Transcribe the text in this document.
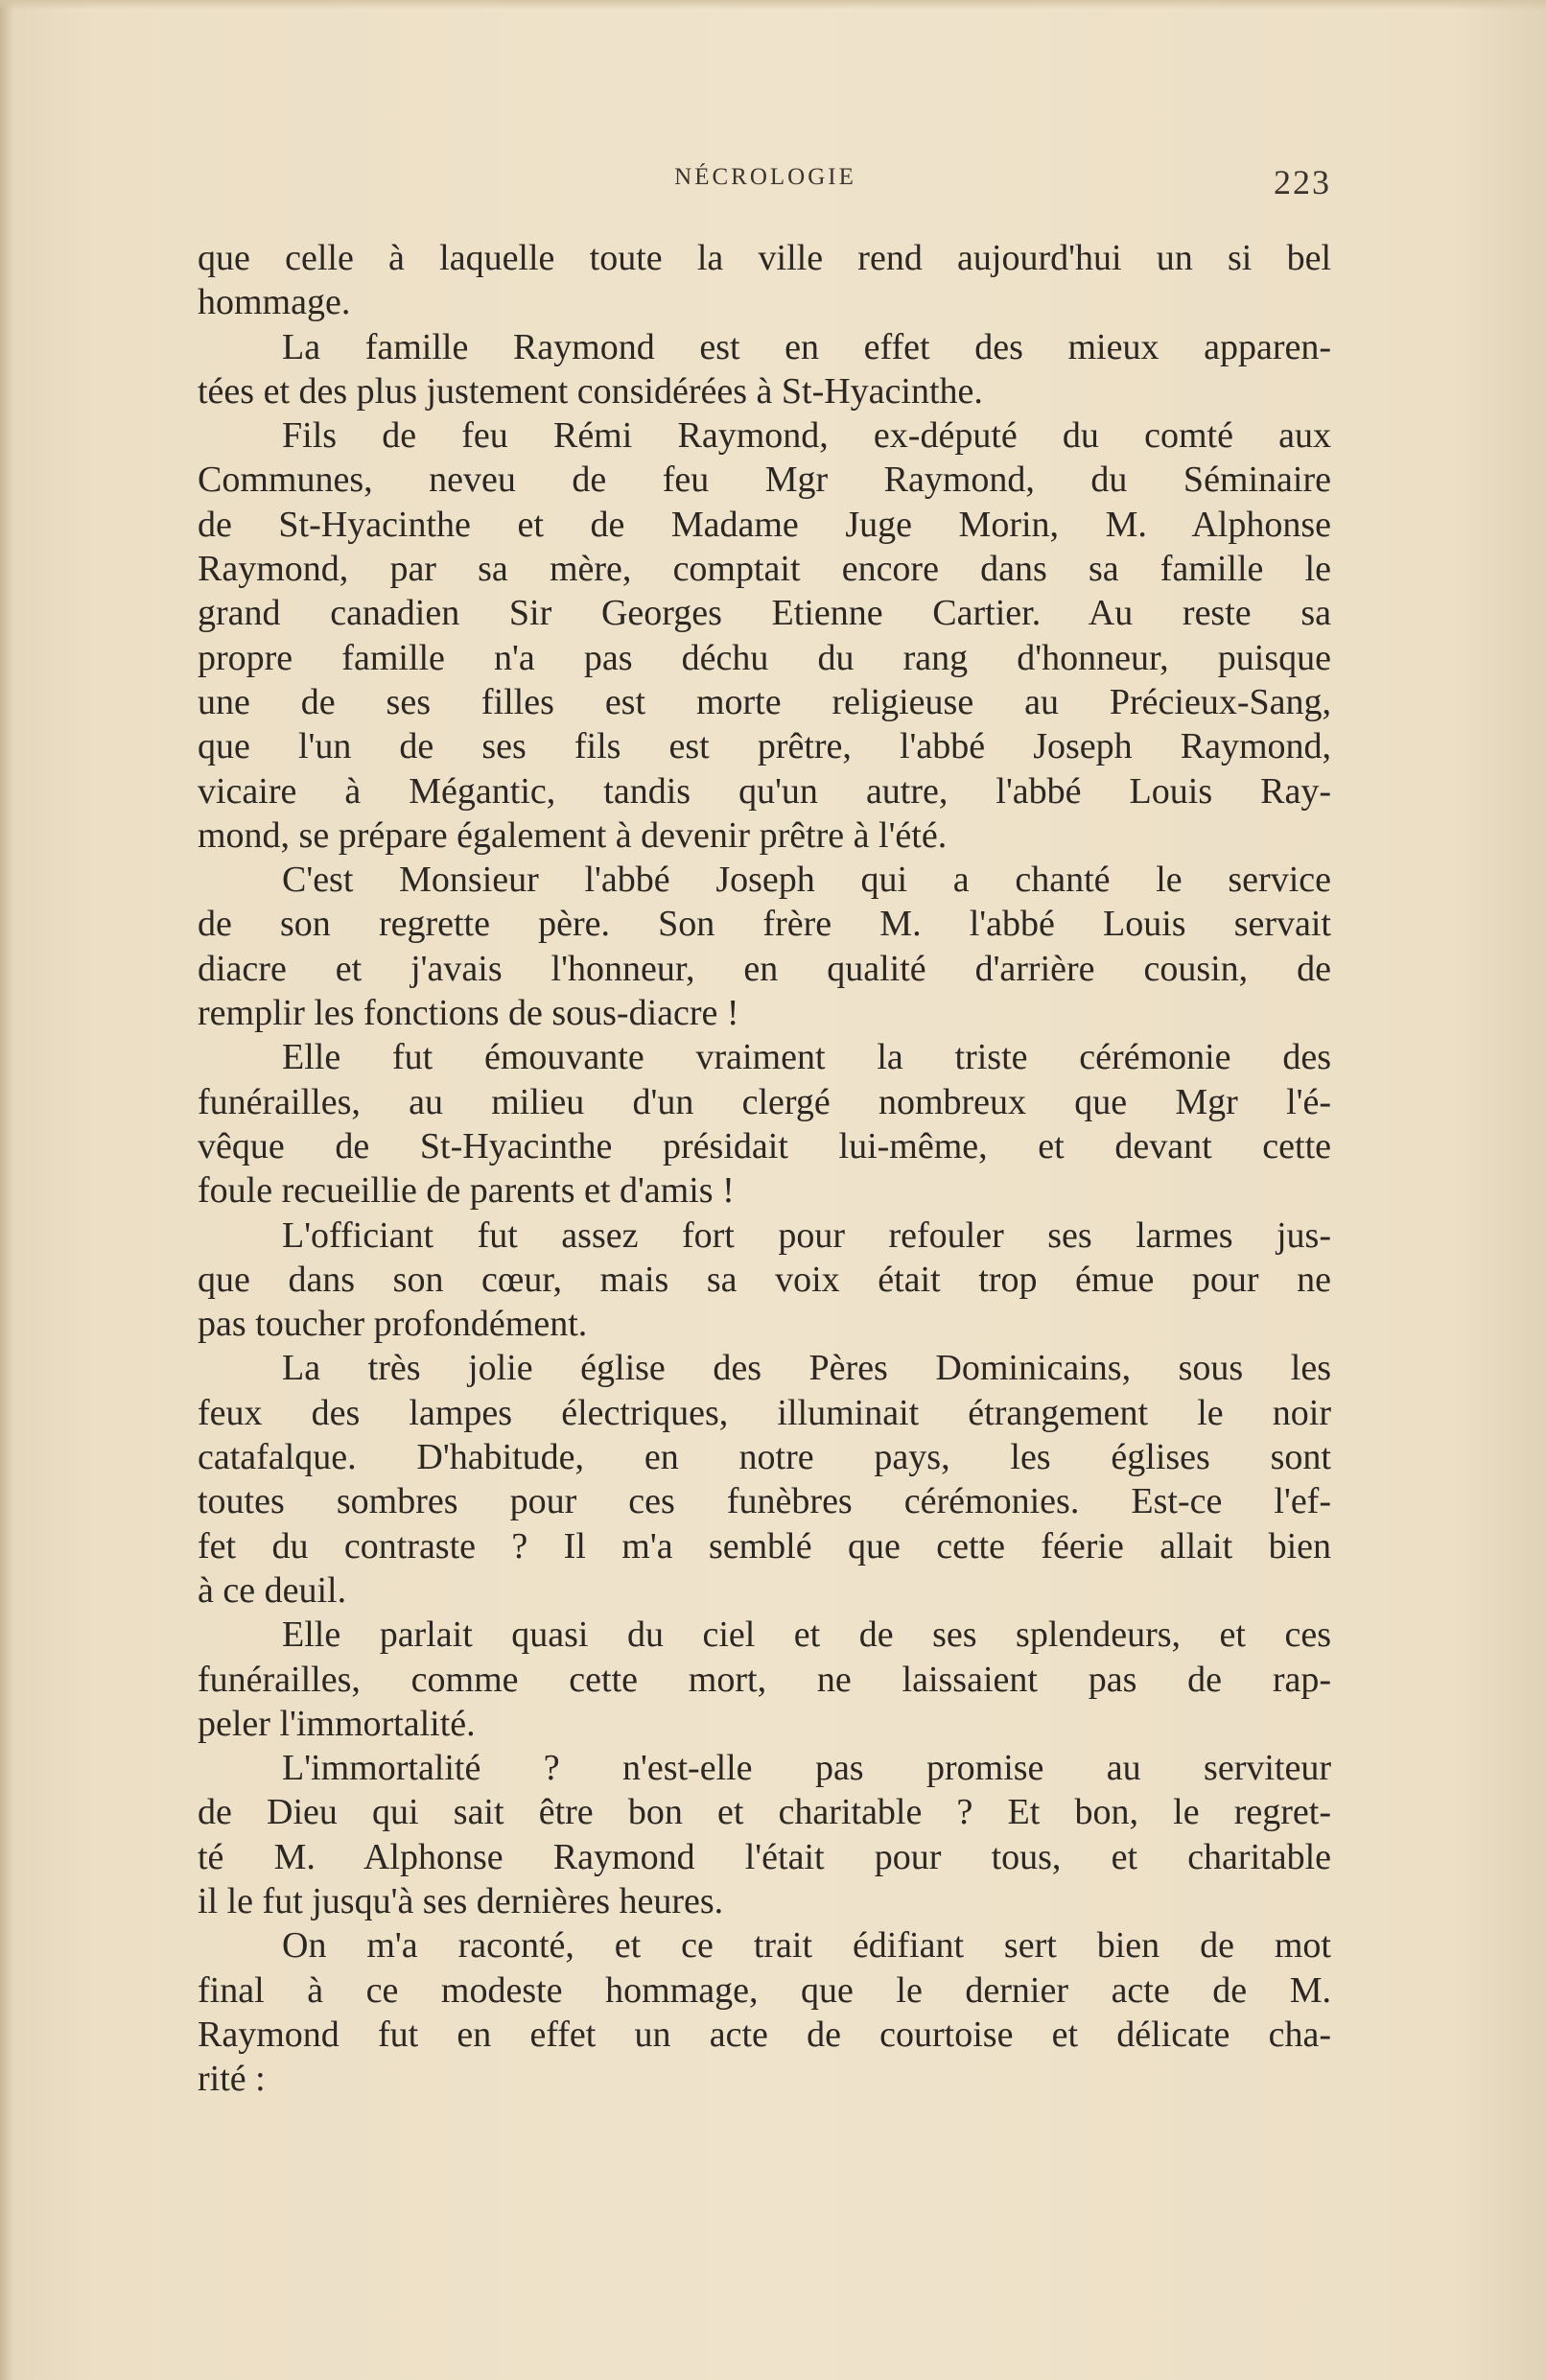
NÉCROLOGIE	223
que celle à laquelle toute la ville rend aujourd'hui un si bel
hommage.
La famille Raymond est en effet des mieux apparen-
tées et des plus justement considérées à St-Hyacinthe.
Fils de feu Rémi Raymond, ex-député du comté aux
Communes, neveu de feu Mgr Raymond, du Séminaire
de St-Hyacinthe et de Madame Juge Morin, M. Alphonse
Raymond, par sa mère, comptait encore dans sa famille le
grand canadien Sir Georges Etienne Cartier. Au reste sa
propre famille n'a pas déchu du rang d'honneur, puisque
une de ses filles est morte religieuse au Précieux-Sang,
que l'un de ses fils est prêtre, l'abbé Joseph Raymond,
vicaire à Mégantic, tandis qu'un autre, l'abbé Louis Ray-
mond, se prépare également à devenir prêtre à l'été.
C'est Monsieur l'abbé Joseph qui a chanté le service
de son regrette père. Son frère M. l'abbé Louis servait
diacre et j'avais l'honneur, en qualité d'arrière cousin, de
remplir les fonctions de sous-diacre !
Elle fut émouvante vraiment la triste cérémonie des
funérailles, au milieu d'un clergé nombreux que Mgr l'é-
vêque de St-Hyacinthe présidait lui-même, et devant cette
foule recueillie de parents et d'amis !
L'officiant fut assez fort pour refouler ses larmes jus-
que dans son cœur, mais sa voix était trop émue pour ne
pas toucher profondément.
La très jolie église des Pères Dominicains, sous les
feux des lampes électriques, illuminait étrangement le noir
catafalque. D'habitude, en notre pays, les églises sont
toutes sombres pour ces funèbres cérémonies. Est-ce l'ef-
fet du contraste ? Il m'a semblé que cette féerie allait bien
à ce deuil.
Elle parlait quasi du ciel et de ses splendeurs, et ces
funérailles, comme cette mort, ne laissaient pas de rap-
peler l'immortalité.
L'immortalité ? n'est-elle pas promise au serviteur
de Dieu qui sait être bon et charitable ? Et bon, le regret-
té M. Alphonse Raymond l'était pour tous, et charitable
il le fut jusqu'à ses dernières heures.
On m'a raconté, et ce trait édifiant sert bien de mot
final à ce modeste hommage, que le dernier acte de M.
Raymond fut en effet un acte de courtoise et délicate cha-
rité :
